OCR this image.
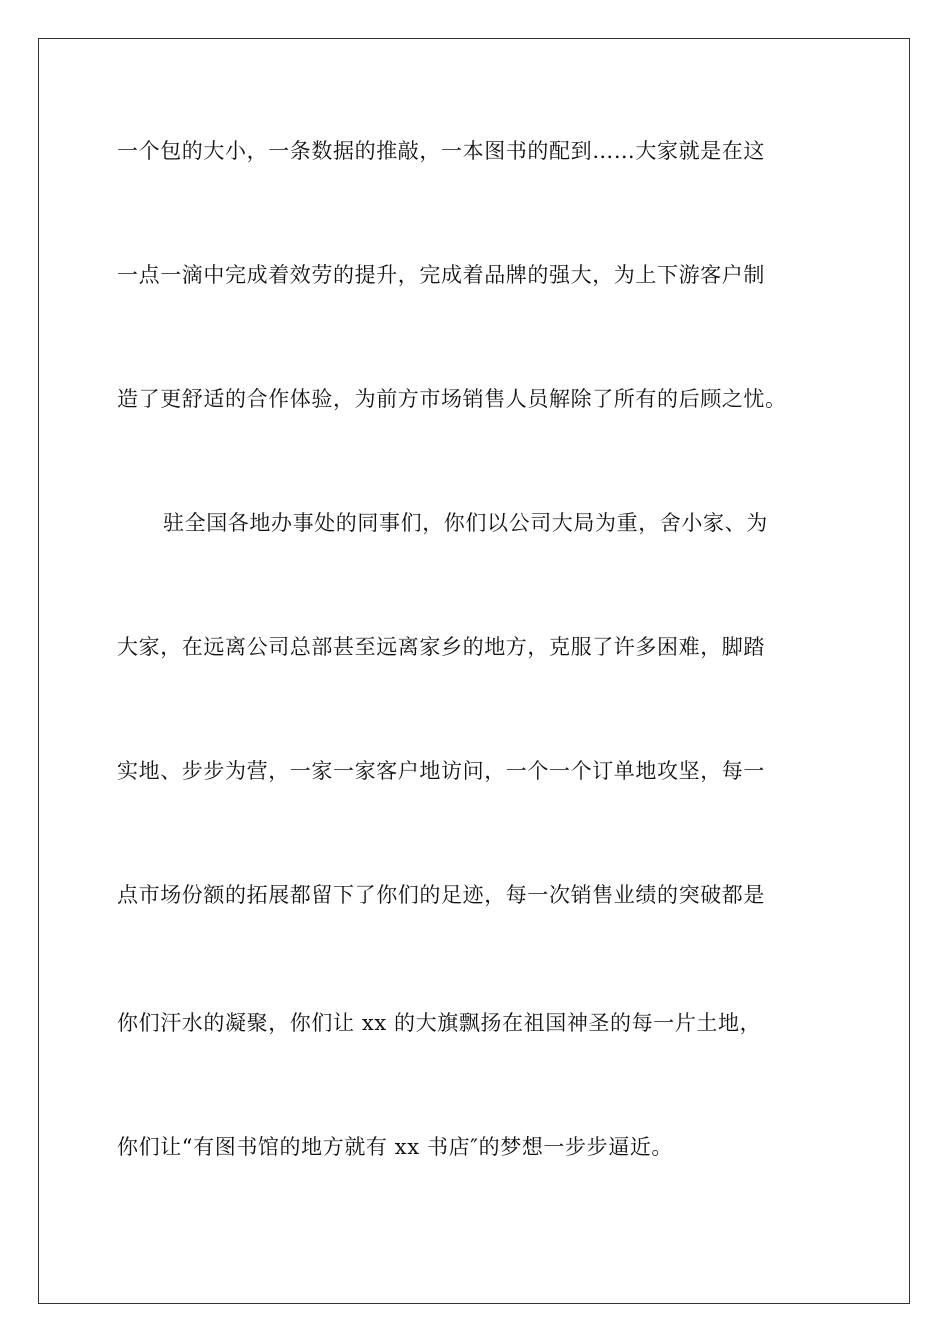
一个包的大小，一条数据的推敲，一本图书的配到……大家就是在这
一点一滴中完成着效劳的提升，完成着品牌的强大，为上下游客户制
造了更舒适的合作体验，为前方市场销售人员解除了所有的后顾之忧。
驻全国各地办事处的同事们，你们以公司大局为重，舍小家、为
大家，在远离公司总部甚至远离家乡的地方，克服了许多困难，脚踏
实地、步步为营，一家一家客户地访问，一个一个订单地攻坚，每一
点市场份额的拓展都留下了你们的足迹，每一次销售业绩的突破都是
你们汗水的凝聚，你们让 xx 的大旗飘扬在祖国神圣的每一片土地，
你们让“有图书馆的地方就有 xx 书店″的梦想一步步逼近。
